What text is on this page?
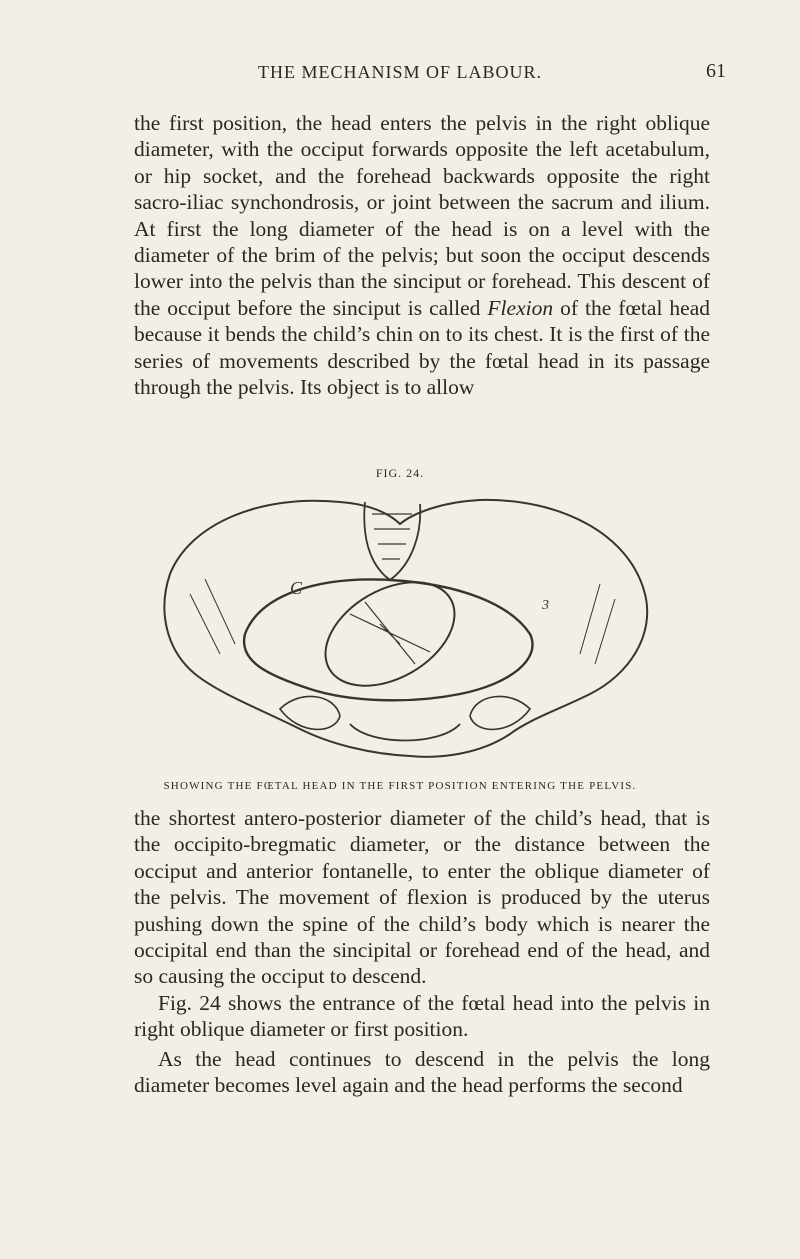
THE MECHANISM OF LABOUR.	61

the first position, the head enters the pelvis in the right oblique diameter, with the occiput forwards opposite the left acetabulum, or hip socket, and the forehead backwards opposite the right sacro-iliac synchondrosis, or joint between the sacrum and ilium. At first the long diameter of the head is on a level with the diameter of the brim of the pelvis; but soon the occiput descends lower into the pelvis than the sinciput or forehead. This descent of the occiput before the sinciput is called Flexion of the fœtal head because it bends the child’s chin on to its chest. It is the first of the series of movements described by the fœtal head in its passage through the pelvis. Its object is to allow

FIG. 24.
C
3
SHOWING THE FŒTAL HEAD IN THE FIRST POSITION ENTERING THE PELVIS.

the shortest antero-posterior diameter of the child’s head, that is the occipito-bregmatic diameter, or the distance between the occiput and anterior fontanelle, to enter the oblique diameter of the pelvis. The movement of flexion is produced by the uterus pushing down the spine of the child’s body which is nearer the occipital end than the sincipital or forehead end of the head, and so causing the occiput to descend.

Fig. 24 shows the entrance of the fœtal head into the pelvis in right oblique diameter or first position.

As the head continues to descend in the pelvis the long diameter becomes level again and the head performs the second
